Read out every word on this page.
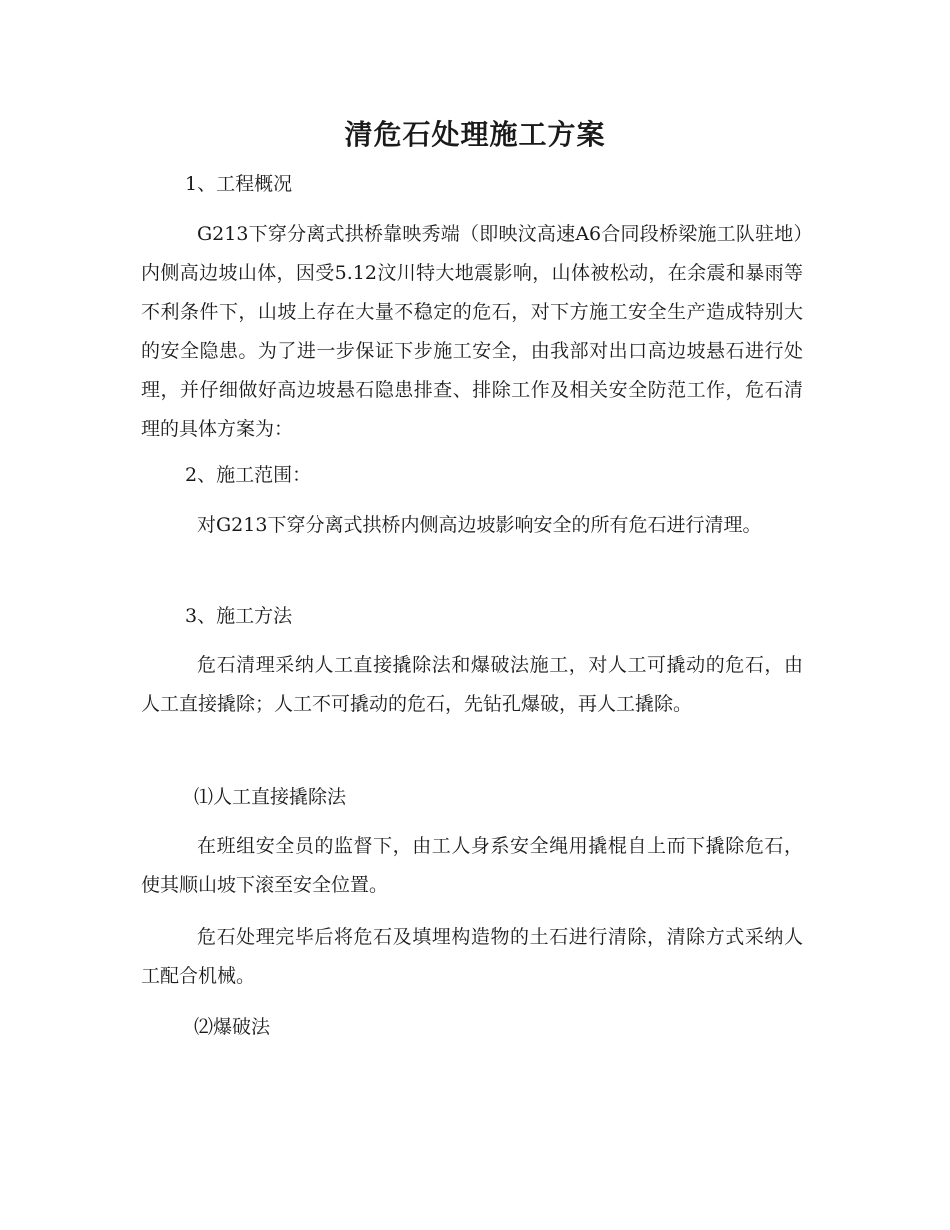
清危石处理施工方案
1、工程概况
G213下穿分离式拱桥靠映秀端（即映汶高速A6合同段桥梁施工队驻地）内侧高边坡山体，因受5.12汶川特大地震影响，山体被松动，在余震和暴雨等不利条件下，山坡上存在大量不稳定的危石，对下方施工安全生产造成特别大的安全隐患。为了进一步保证下步施工安全，由我部对出口高边坡悬石进行处理，并仔细做好高边坡悬石隐患排查、排除工作及相关安全防范工作，危石清理的具体方案为：
2、施工范围：
对G213下穿分离式拱桥内侧高边坡影响安全的所有危石进行清理。
3、施工方法
危石清理采纳人工直接撬除法和爆破法施工，对人工可撬动的危石，由人工直接撬除；人工不可撬动的危石，先钻孔爆破，再人工撬除。
⑴人工直接撬除法
在班组安全员的监督下，由工人身系安全绳用撬棍自上而下撬除危石，使其顺山坡下滚至安全位置。
危石处理完毕后将危石及填埋构造物的土石进行清除，清除方式采纳人工配合机械。
⑵爆破法
